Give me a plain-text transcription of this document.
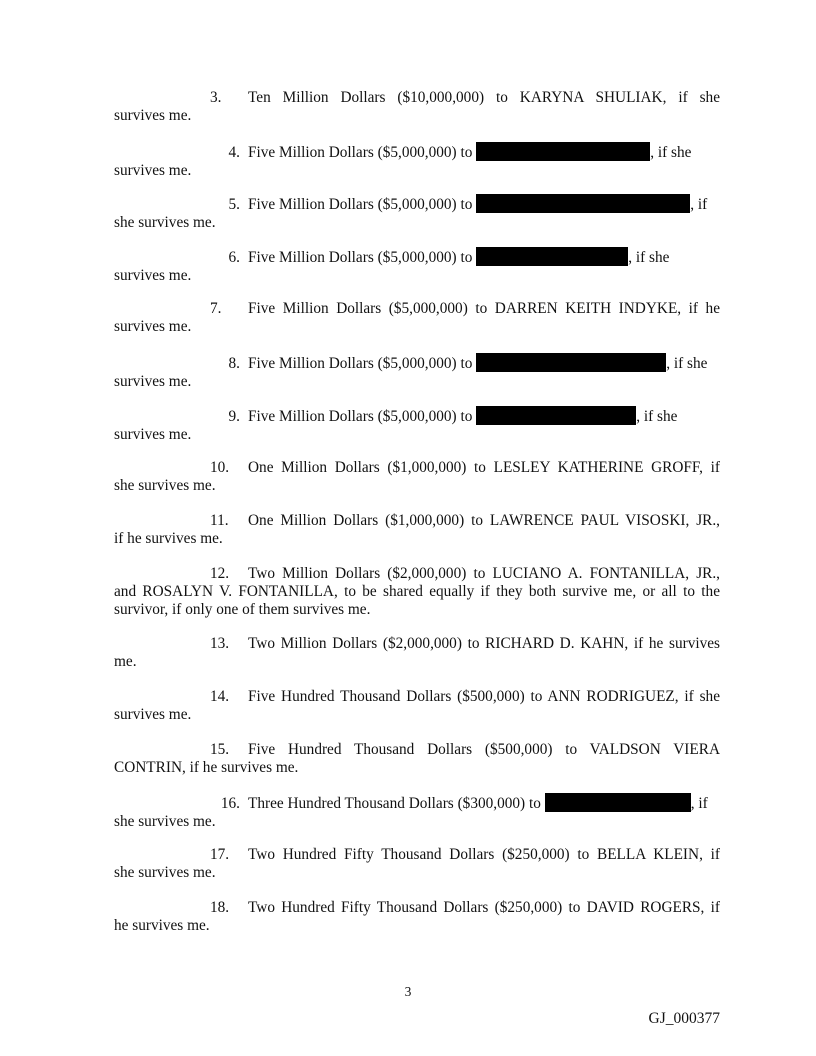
3. Ten Million Dollars ($10,000,000) to KARYNA SHULIAK, if she
survives me.
4. Five Million Dollars ($5,000,000) to	, if she
survives me.
5. Five Million Dollars ($5,000,000) to	, if
she survives me.
6. Five Million Dollars ($5,000,000) to	, if she
survives me.
7. Five Million Dollars ($5,000,000) to DARREN KEITH INDYKE, if he
survives me.
8. Five Million Dollars ($5,000,000) to	, if she
survives me.
9. Five Million Dollars ($5,000,000) to	, if she
survives me.
10. One Million Dollars ($1,000,000) to LESLEY KATHERINE GROFF, if
she survives me.
11. One Million Dollars ($1,000,000) to LAWRENCE PAUL VISOSKI, JR.,
if he survives me.
12. Two Million Dollars ($2,000,000) to LUCIANO A. FONTANILLA, JR.,
and ROSALYN V. FONTANILLA, to be shared equally if they both survive me, or all to the
survivor, if only one of them survives me.
13. Two Million Dollars ($2,000,000) to RICHARD D. KAHN, if he survives
me.
14. Five Hundred Thousand Dollars ($500,000) to ANN RODRIGUEZ, if she
survives me.
15. Five Hundred Thousand Dollars ($500,000) to VALDSON VIERA
CONTRIN, if he survives me.
16. Three Hundred Thousand Dollars ($300,000) to	, if
she survives me.
17. Two Hundred Fifty Thousand Dollars ($250,000) to BELLA KLEIN, if
she survives me.
18. Two Hundred Fifty Thousand Dollars ($250,000) to DAVID ROGERS, if
he survives me.
3
GJ_000377
